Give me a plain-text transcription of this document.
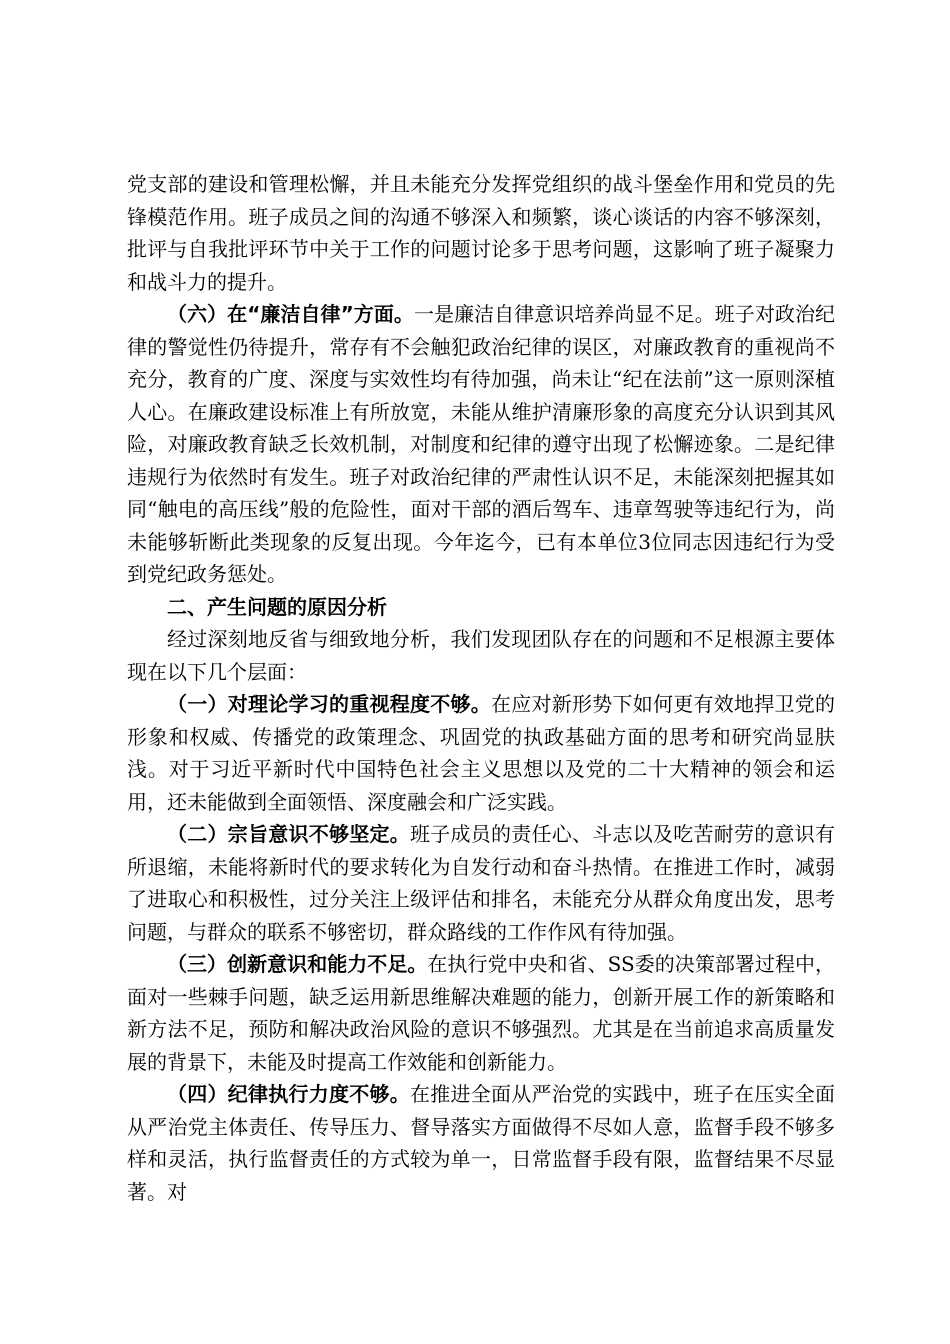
党支部的建设和管理松懈，并且未能充分发挥党组织的战斗堡垒作用和党员的先锋模范作用。班子成员之间的沟通不够深入和频繁，谈心谈话的内容不够深刻，批评与自我批评环节中关于工作的问题讨论多于思考问题，这影响了班子凝聚力和战斗力的提升。

（六）在“廉洁自律”方面。一是廉洁自律意识培养尚显不足。班子对政治纪律的警觉性仍待提升，常存有不会触犯政治纪律的误区，对廉政教育的重视尚不充分，教育的广度、深度与实效性均有待加强，尚未让“纪在法前”这一原则深植人心。在廉政建设标准上有所放宽，未能从维护清廉形象的高度充分认识到其风险，对廉政教育缺乏长效机制，对制度和纪律的遵守出现了松懈迹象。二是纪律违规行为依然时有发生。班子对政治纪律的严肃性认识不足，未能深刻把握其如同“触电的高压线”般的危险性，面对干部的酒后驾车、违章驾驶等违纪行为，尚未能够斩断此类现象的反复出现。今年迄今，已有本单位3位同志因违纪行为受到党纪政务惩处。

二、产生问题的原因分析

经过深刻地反省与细致地分析，我们发现团队存在的问题和不足根源主要体现在以下几个层面：

（一）对理论学习的重视程度不够。在应对新形势下如何更有效地捍卫党的形象和权威、传播党的政策理念、巩固党的执政基础方面的思考和研究尚显肤浅。对于习近平新时代中国特色社会主义思想以及党的二十大精神的领会和运用，还未能做到全面领悟、深度融会和广泛实践。

（二）宗旨意识不够坚定。班子成员的责任心、斗志以及吃苦耐劳的意识有所退缩，未能将新时代的要求转化为自发行动和奋斗热情。在推进工作时，减弱了进取心和积极性，过分关注上级评估和排名，未能充分从群众角度出发，思考问题，与群众的联系不够密切，群众路线的工作作风有待加强。

（三）创新意识和能力不足。在执行党中央和省、SS委的决策部署过程中，面对一些棘手问题，缺乏运用新思维解决难题的能力，创新开展工作的新策略和新方法不足，预防和解决政治风险的意识不够强烈。尤其是在当前追求高质量发展的背景下，未能及时提高工作效能和创新能力。

（四）纪律执行力度不够。在推进全面从严治党的实践中，班子在压实全面从严治党主体责任、传导压力、督导落实方面做得不尽如人意，监督手段不够多样和灵活，执行监督责任的方式较为单一，日常监督手段有限，监督结果不尽显著。对
